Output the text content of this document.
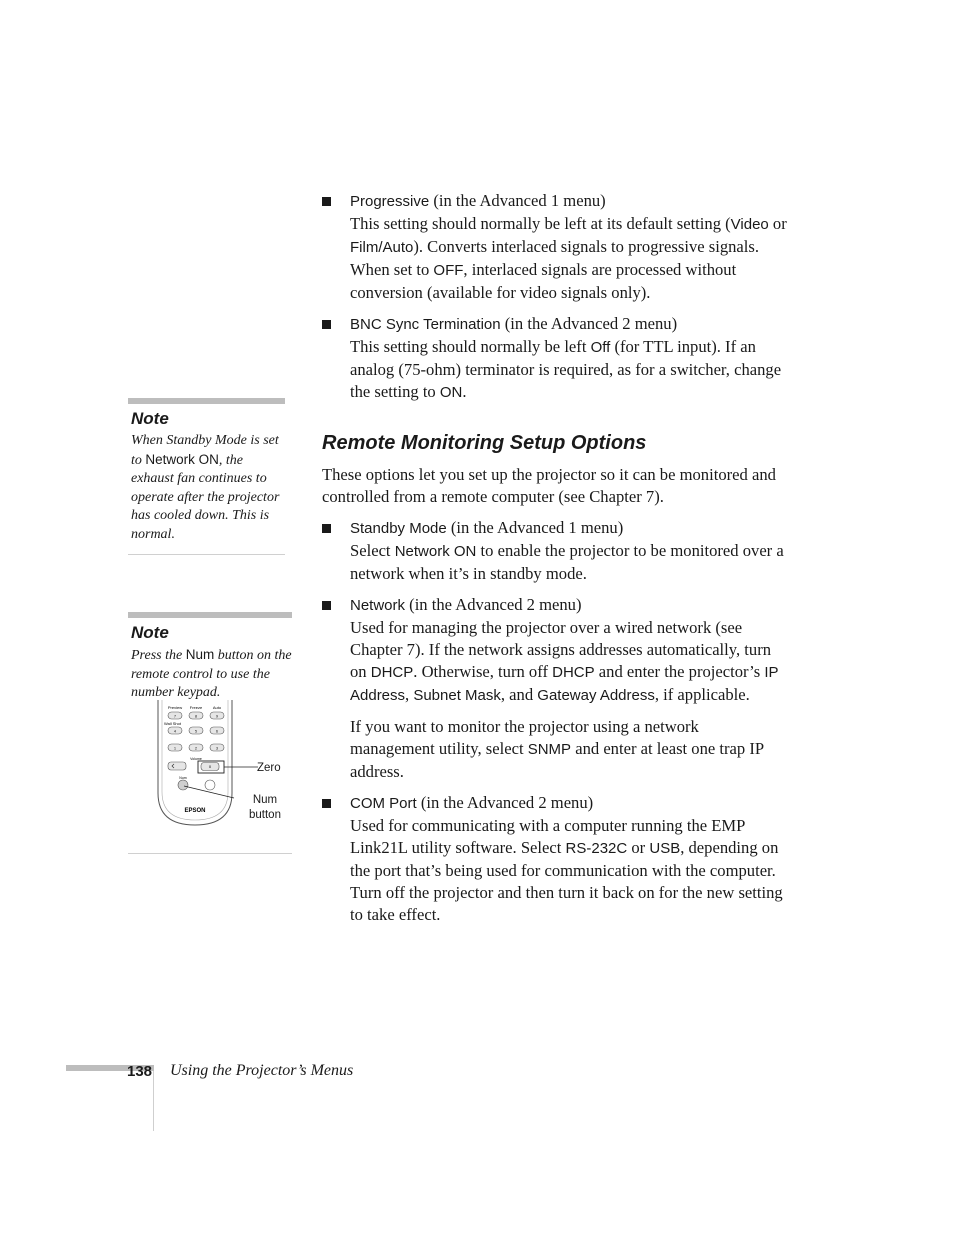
Progressive (in the Advanced 1 menu)

This setting should normally be left at its default setting (Video or Film/Auto). Converts interlaced signals to progressive signals. When set to OFF, interlaced signals are processed without conversion (available for video signals only).

BNC Sync Termination (in the Advanced 2 menu)

This setting should normally be left Off (for TTL input). If an analog (75-ohm) terminator is required, as for a switcher, change the setting to ON.

Remote Monitoring Setup Options

These options let you set up the projector so it can be monitored and controlled from a remote computer (see Chapter 7).

Standby Mode (in the Advanced 1 menu)

Select Network ON to enable the projector to be monitored over a network when it’s in standby mode.

Network (in the Advanced 2 menu)

Used for managing the projector over a wired network (see Chapter 7). If the network assigns addresses automatically, turn on DHCP. Otherwise, turn off DHCP and enter the projector’s IP Address, Subnet Mask, and Gateway Address, if applicable.

If you want to monitor the projector using a network management utility, select SNMP and enter at least one trap IP address.

COM Port (in the Advanced 2 menu)

Used for communicating with a computer running the EMP Link21L utility software. Select RS-232C or USB, depending on the port that’s being used for communication with the computer. Turn off the projector and then turn it back on for the new setting to take effect.

Note
When Standby Mode is set to Network ON, the exhaust fan continues to operate after the projector has cooled down. This is normal.
Note
Press the Num button on the remote control to use the number keypad.
Preview Freeze	Auto
7	8	9
4	5	6
1	2	3
Wall Shot
Volume
0
Num
EPSON
Zero
Num
button
138 Using the Projector’s Menus
